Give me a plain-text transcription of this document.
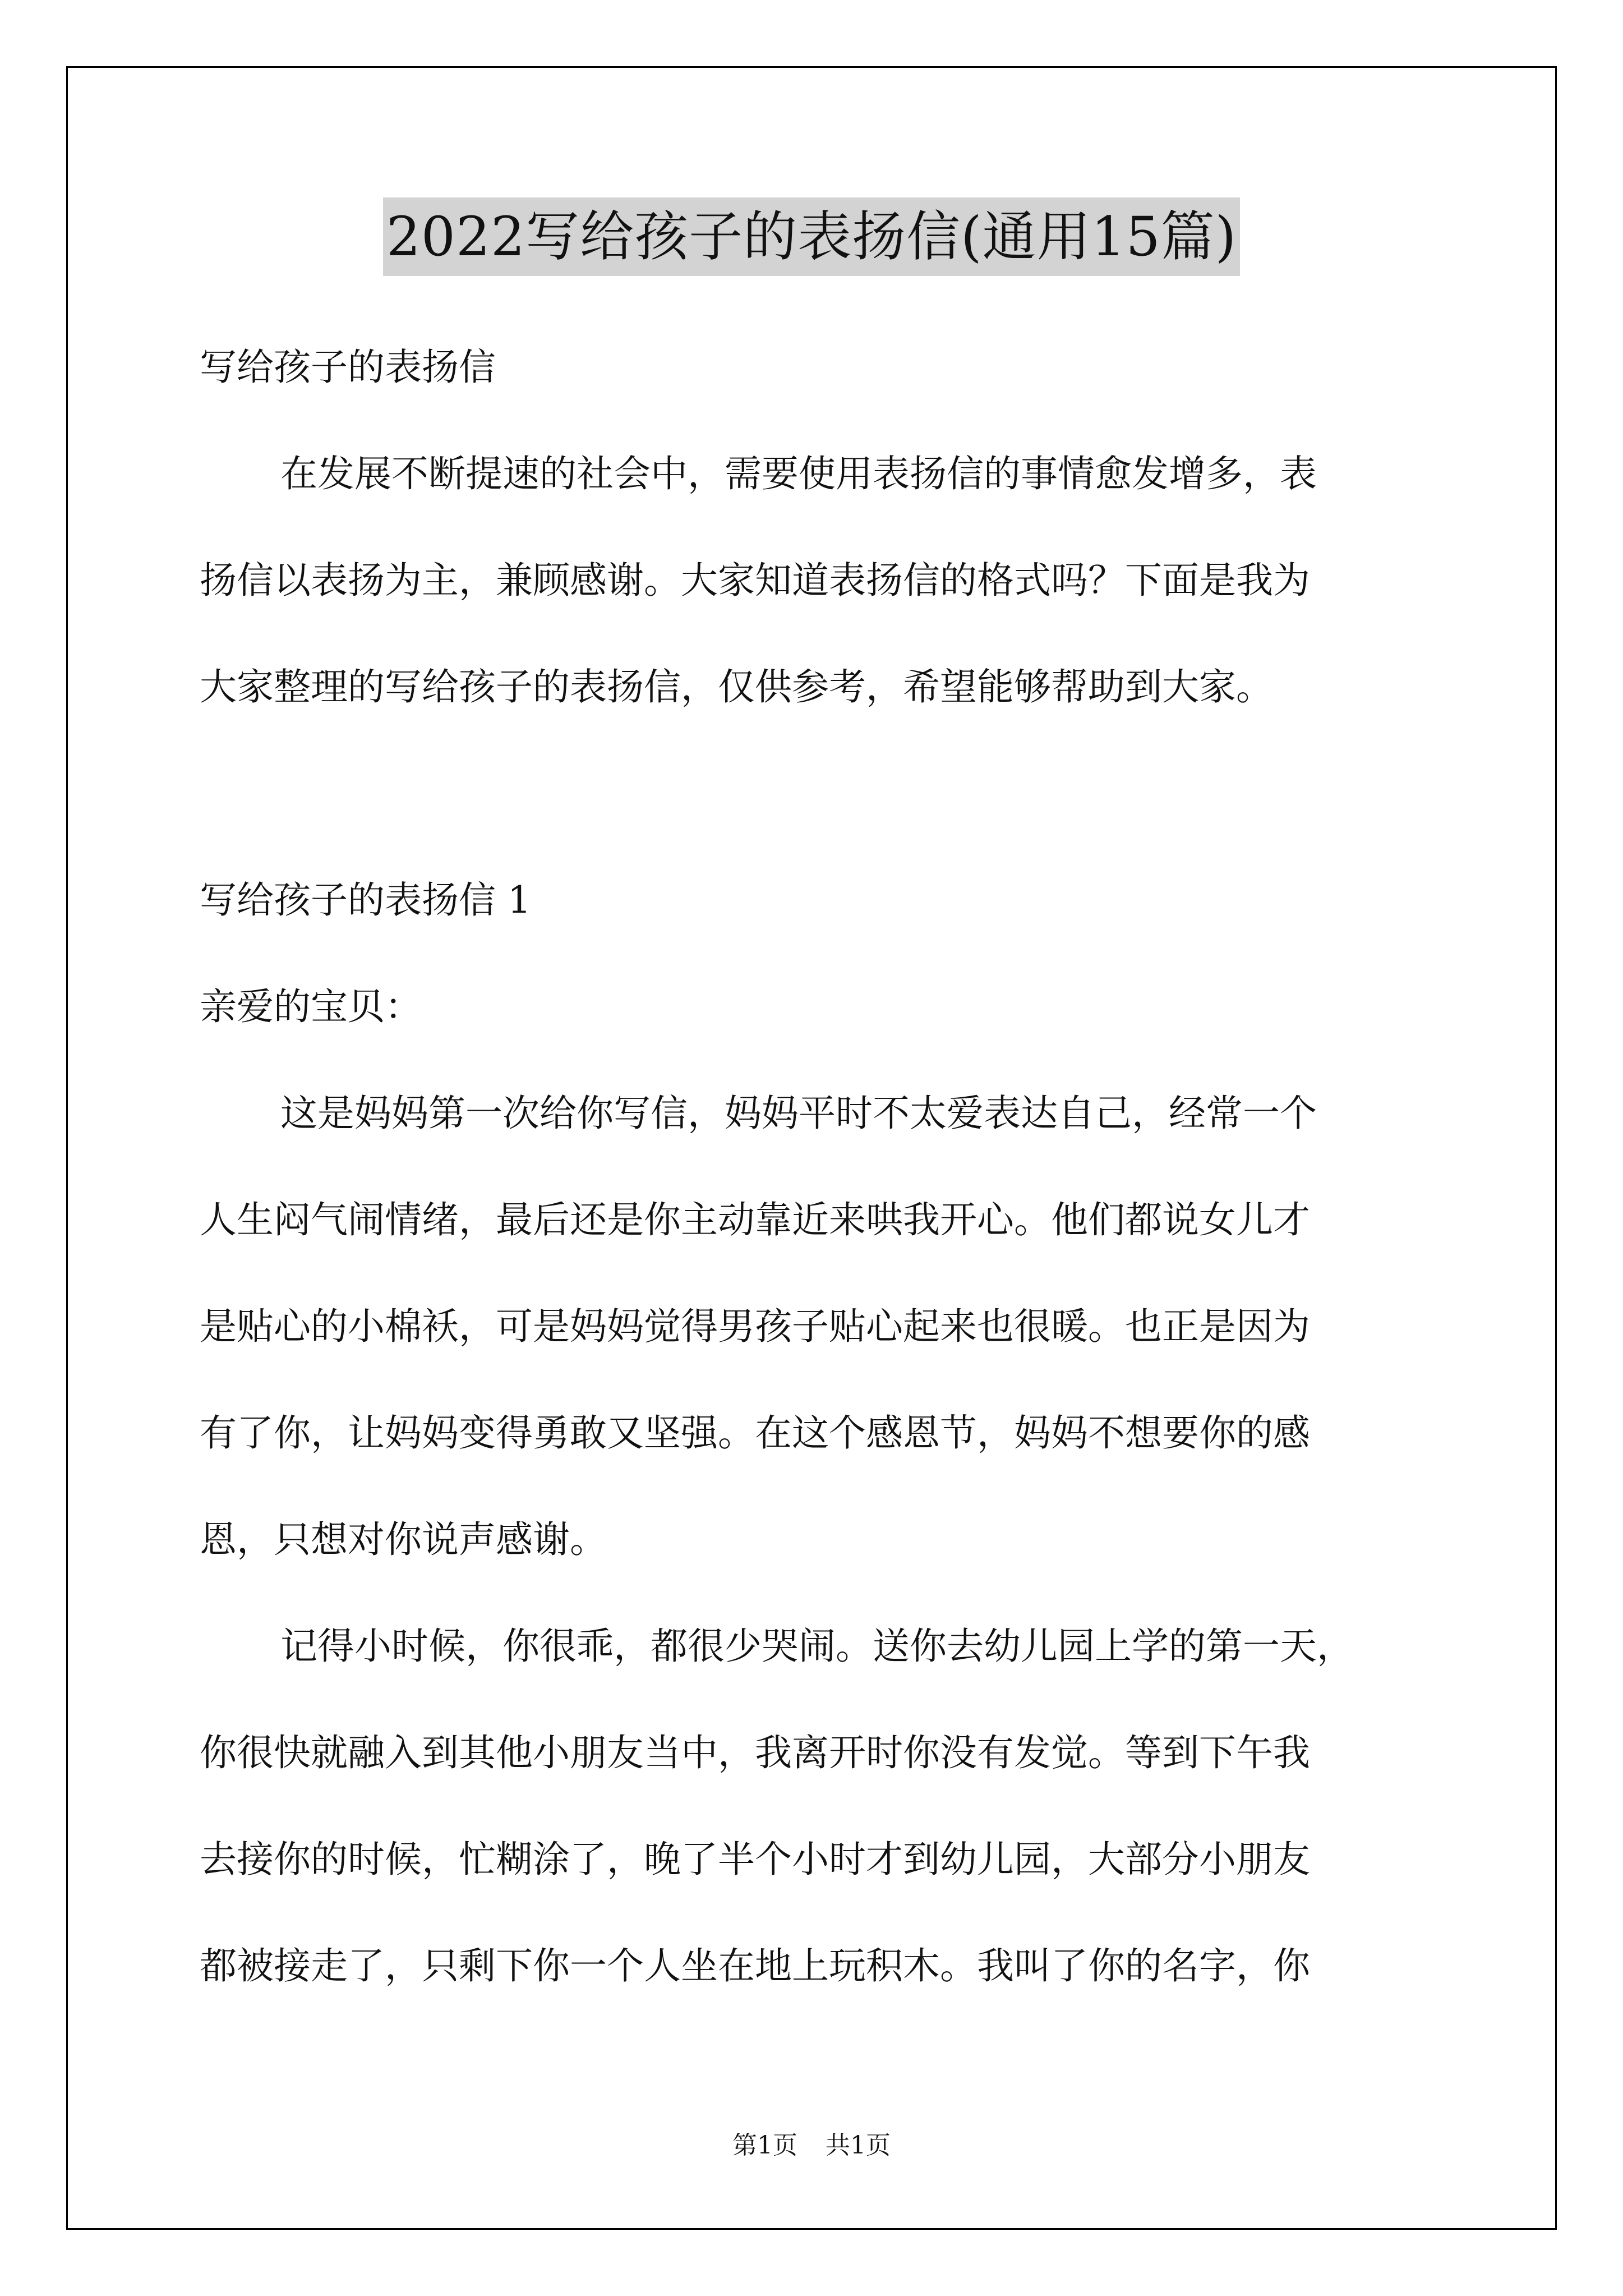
2022写给孩子的表扬信(通用15篇)

写给孩子的表扬信

在发展不断提速的社会中，需要使用表扬信的事情愈发增多，表

扬信以表扬为主，兼顾感谢。大家知道表扬信的格式吗？下面是我为

大家整理的写给孩子的表扬信，仅供参考，希望能够帮助到大家。

写给孩子的表扬信 1

亲爱的宝贝：

这是妈妈第一次给你写信，妈妈平时不太爱表达自己，经常一个

人生闷气闹情绪，最后还是你主动靠近来哄我开心。他们都说女儿才

是贴心的小棉袄，可是妈妈觉得男孩子贴心起来也很暖。也正是因为

有了你，让妈妈变得勇敢又坚强。在这个感恩节，妈妈不想要你的感

恩，只想对你说声感谢。

记得小时候，你很乖，都很少哭闹。送你去幼儿园上学的第一天，

你很快就融入到其他小朋友当中，我离开时你没有发觉。等到下午我

去接你的时候，忙糊涂了，晚了半个小时才到幼儿园，大部分小朋友

都被接走了，只剩下你一个人坐在地上玩积木。我叫了你的名字，你

第1页 共1页
